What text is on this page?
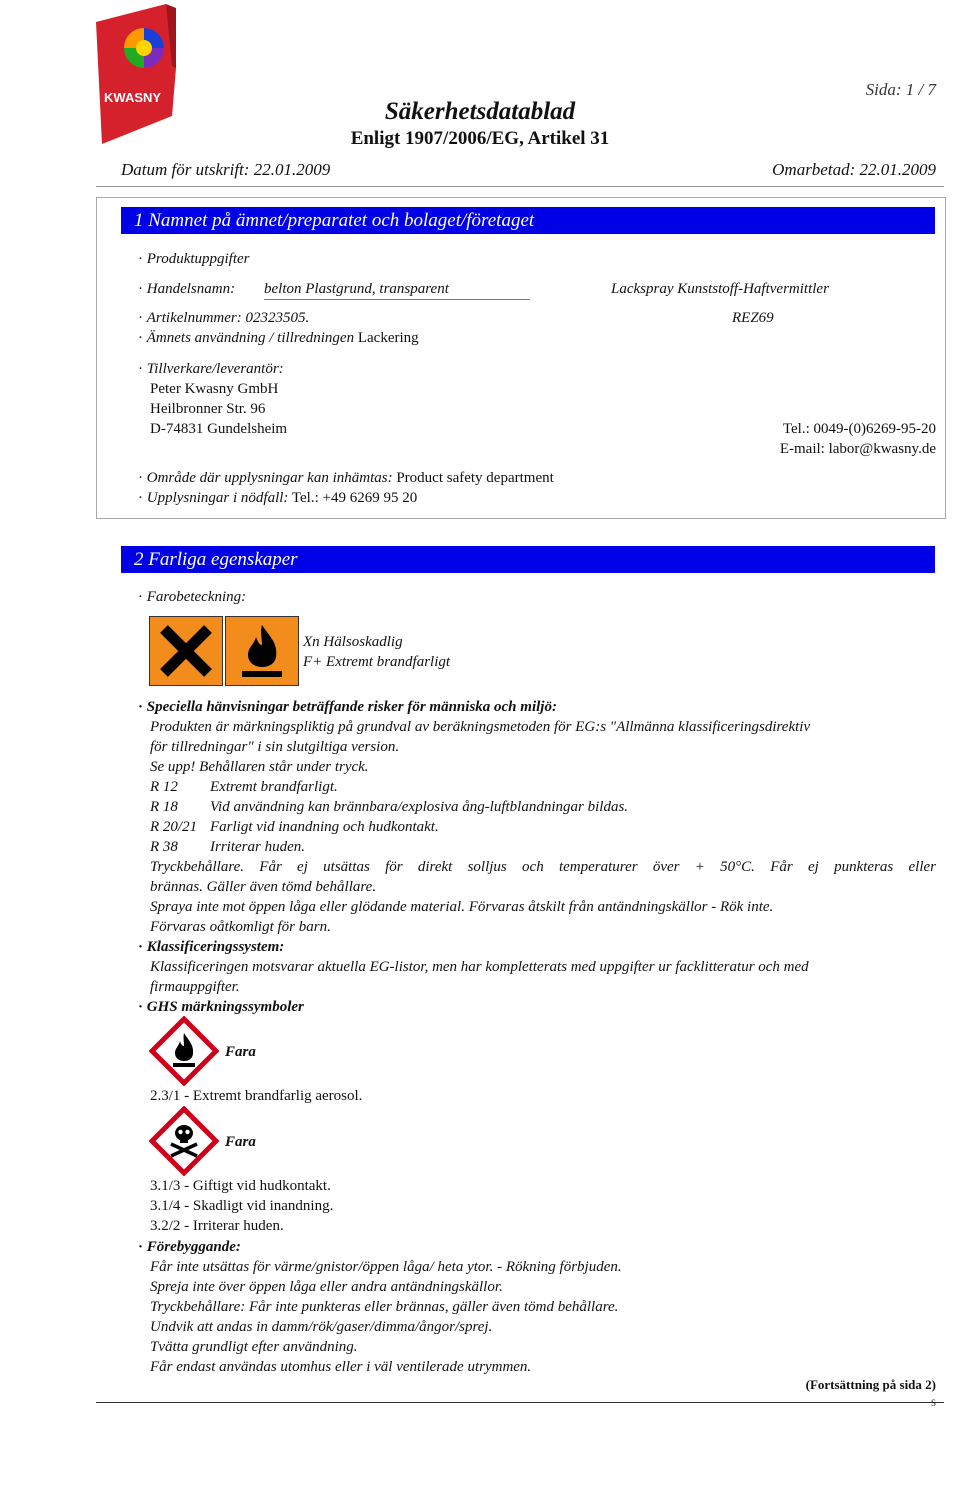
KWASNY	Sida: 1 / 7
Säkerhetsdatablad
Enligt 1907/2006/EG, Artikel 31
Datum för utskrift: 22.01.2009	Omarbetad: 22.01.2009
1 Namnet på ämnet/preparatet och bolaget/företaget
· Produktuppgifter
· Handelsnamn: belton Plastgrund, transparent	Lackspray Kunststoff-Haftvermittler
· Artikelnummer: 02323505.	REZ69
· Ämnets användning / tillredningen Lackering
· Tillverkare/leverantör:
Peter Kwasny GmbH
Heilbronner Str. 96
D-74831 Gundelsheim	Tel.: 0049-(0)6269-95-20
E-mail: labor@kwasny.de
· Område där upplysningar kan inhämtas: Product safety department
· Upplysningar i nödfall: Tel.: +49 6269 95 20
2 Farliga egenskaper
· Farobeteckning:
Xn Hälsoskadlig
F+ Extremt brandfarligt
· Speciella hänvisningar beträffande risker för människa och miljö:
Produkten är märkningspliktig på grundval av beräkningsmetoden för EG:s "Allmänna klassificeringsdirektiv
för tillredningar" i sin slutgiltiga version.
Se upp! Behållaren står under tryck.
R 12 Extremt brandfarligt.
R 18 Vid användning kan brännbara/explosiva ång-luftblandningar bildas.
R 20/21 Farligt vid inandning och hudkontakt.
R 38 Irriterar huden.
Tryckbehållare. Får ej utsättas för direkt solljus och temperaturer över + 50°C. Får ej punkteras eller
brännas. Gäller även tömd behållare.
Spraya inte mot öppen låga eller glödande material. Förvaras åtskilt från antändningskällor - Rök inte.
Förvaras oåtkomligt för barn.
· Klassificeringssystem:
Klassificeringen motsvarar aktuella EG-listor, men har kompletterats med uppgifter ur facklitteratur och med
firmauppgifter.
· GHS märkningssymboler
Fara
2.3/1 - Extremt brandfarlig aerosol.
Fara
3.1/3 - Giftigt vid hudkontakt.
3.1/4 - Skadligt vid inandning.
3.2/2 - Irriterar huden.
· Förebyggande:
Får inte utsättas för värme/gnistor/öppen låga/ heta ytor. - Rökning förbjuden.
Spreja inte över öppen låga eller andra antändningskällor.
Tryckbehållare: Får inte punkteras eller brännas, gäller även tömd behållare.
Undvik att andas in damm/rök/gaser/dimma/ångor/sprej.
Tvätta grundligt efter användning.
Får endast användas utomhus eller i väl ventilerade utrymmen.
(Fortsättning på sida 2)
S
